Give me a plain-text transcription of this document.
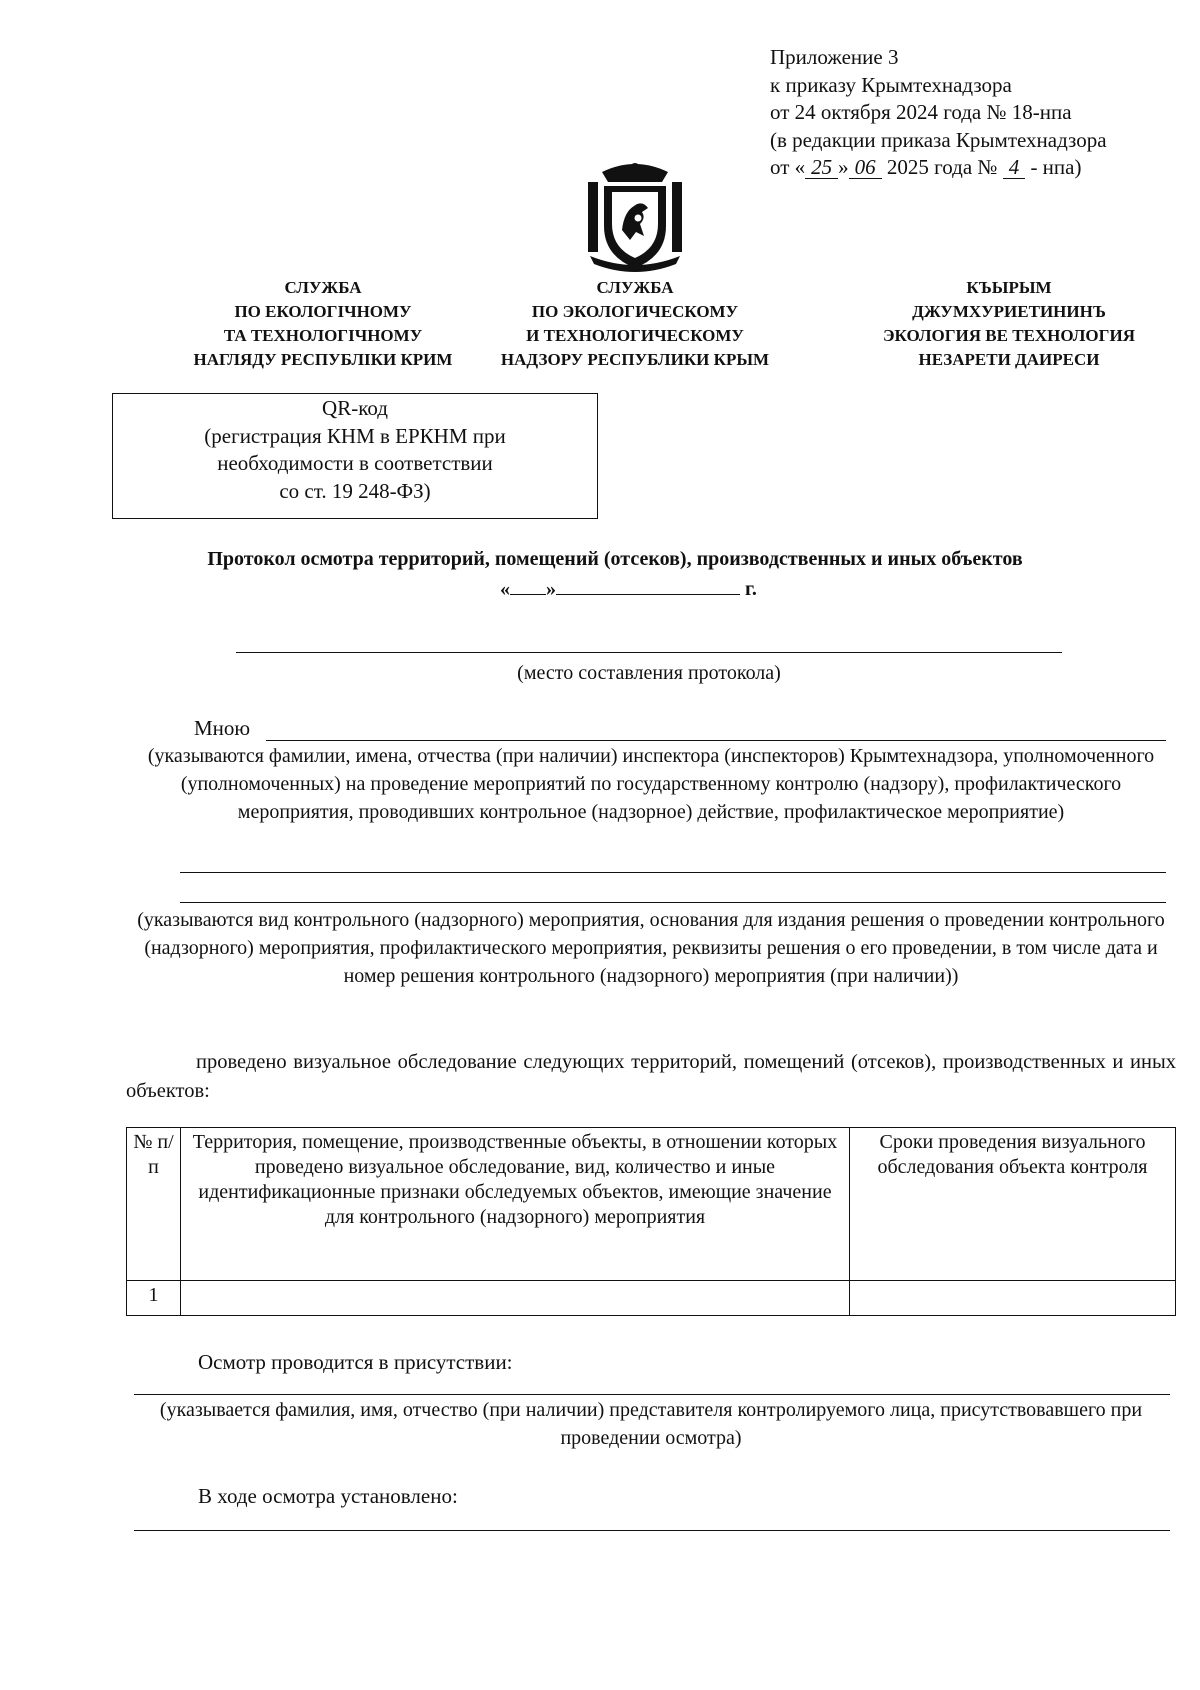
Приложение 3
к приказу Крымтехнадзора
от 24 октября 2024 года № 18-нпа
(в редакции приказа Крымтехнадзора
от « 25 » 06 2025 года № 4 - нпа)
СЛУЖБА
ПО ЕКОЛОГІЧНОМУ
ТА ТЕХНОЛОГІЧНОМУ
НАГЛЯДУ РЕСПУБЛІКИ КРИМ
СЛУЖБА
ПО ЭКОЛОГИЧЕСКОМУ
И ТЕХНОЛОГИЧЕСКОМУ
НАДЗОРУ РЕСПУБЛИКИ КРЫМ
КЪЫРЫМ
ДЖУМХУРИЕТИНИНЪ
ЭКОЛОГИЯ ВЕ ТЕХНОЛОГИЯ
НЕЗАРЕТИ ДАИРЕСИ
QR-код
(регистрация КНМ в ЕРКНМ при
необходимости в соответствии
со ст. 19 248-ФЗ)
Протокол осмотра территорий, помещений (отсеков), производственных и иных объектов
« »	г.
(место составления протокола)
Мною
(указываются фамилии, имена, отчества (при наличии) инспектора (инспекторов) Крымтехнадзора, уполномоченного (уполномоченных) на проведение мероприятий по государственному контролю (надзору), профилактического мероприятия, проводивших контрольное (надзорное) действие, профилактическое мероприятие)
(указываются вид контрольного (надзорного) мероприятия, основания для издания решения о проведении контрольного (надзорного) мероприятия, профилактического мероприятия, реквизиты решения о его проведении, в том числе дата и номер решения контрольного (надзорного) мероприятия (при наличии))
проведено визуальное обследование следующих территорий, помещений (отсеков), производственных и иных объектов:
№ п/п	Территория, помещение, производственные объекты, в отношении которых проведено визуальное обследование, вид, количество и иные идентификационные признаки обследуемых объектов, имеющие значение для контрольного (надзорного) мероприятия	Сроки проведения визуального обследования объекта контроля
1		
Осмотр проводится в присутствии:
(указывается фамилия, имя, отчество (при наличии) представителя контролируемого лица, присутствовавшего при проведении осмотра)
В ходе осмотра установлено:
